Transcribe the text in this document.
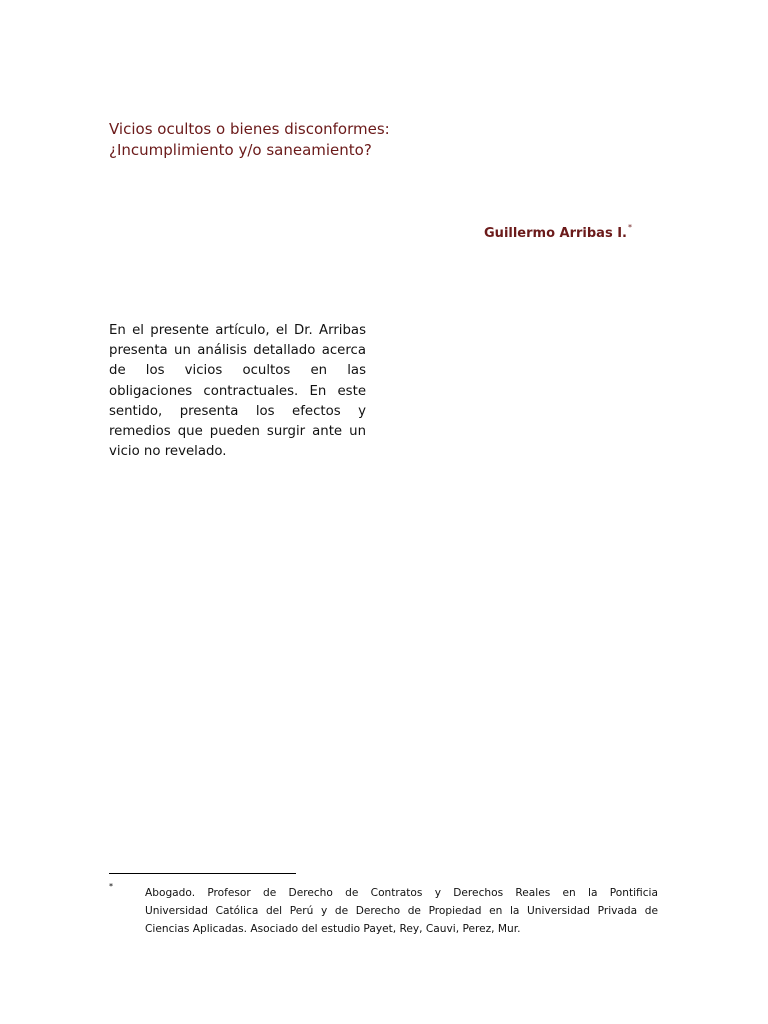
Vicios ocultos o bienes disconformes:
¿Incumplimiento y/o saneamiento?
Guillermo Arribas I.*
En el presente artículo, el Dr. Arribas
presenta un análisis detallado acerca
de los vicios ocultos en las
obligaciones contractuales. En este
sentido, presenta los efectos y
remedios que pueden surgir ante un
vicio no revelado.
*
Abogado. Profesor de Derecho de Contratos y Derechos Reales en la Pontificia
Universidad Católica del Perú y de Derecho de Propiedad en la Universidad Privada de
Ciencias Aplicadas. Asociado del estudio Payet, Rey, Cauvi, Perez, Mur.
